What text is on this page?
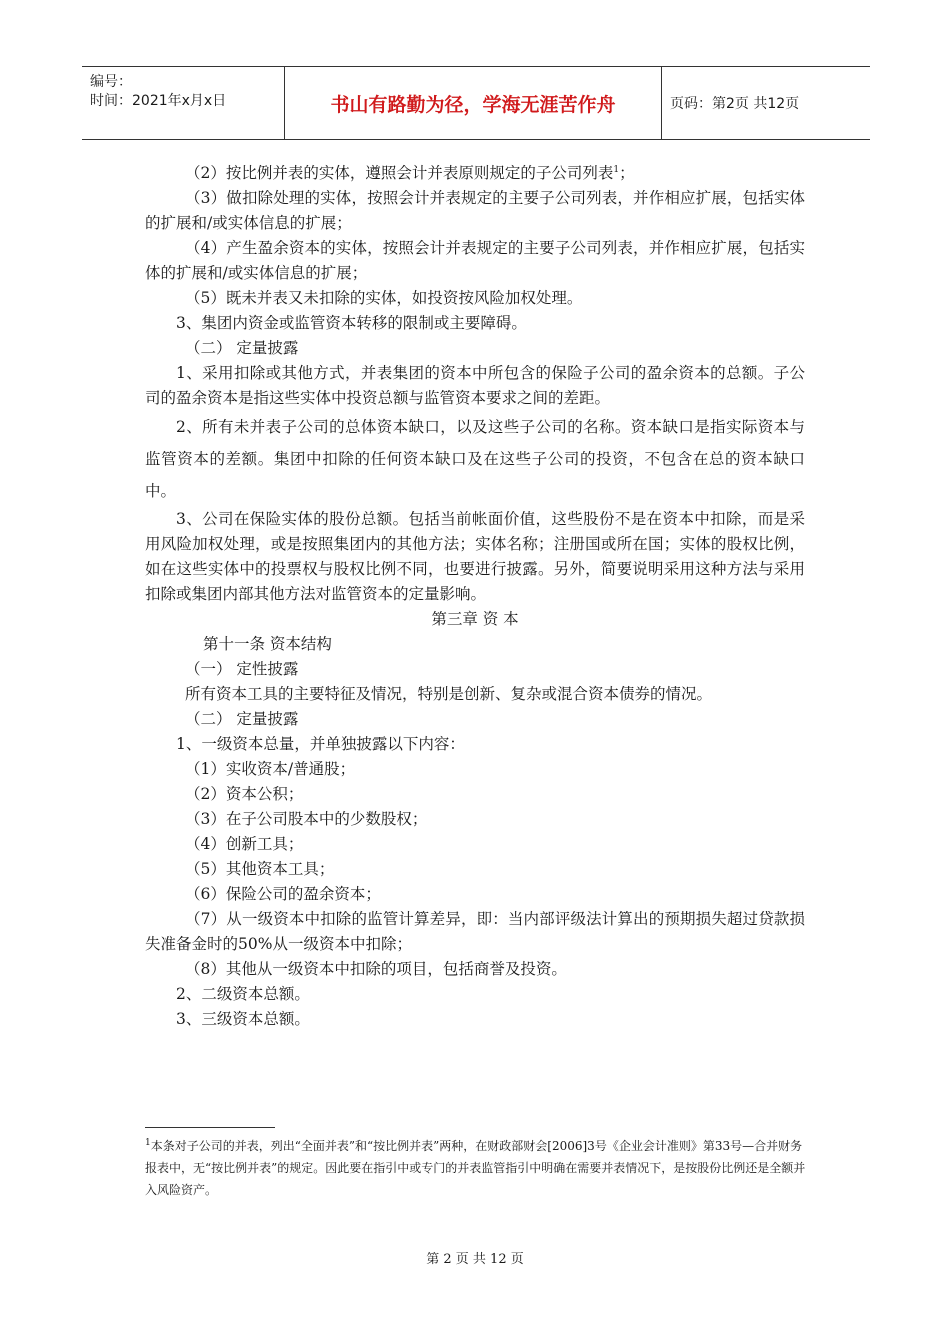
编号：
时间：2021年x月x日	书山有路勤为径，学海无涯苦作舟	页码：第2页 共12页

（2）按比例并表的实体，遵照会计并表原则规定的子公司列表$^1$；

（3）做扣除处理的实体，按照会计并表规定的主要子公司列表，并作相应扩展，包括实体的扩展和/或实体信息的扩展；

（4）产生盈余资本的实体，按照会计并表规定的主要子公司列表，并作相应扩展，包括实体的扩展和/或实体信息的扩展；

（5）既未并表又未扣除的实体，如投资按风险加权处理。

3、集团内资金或监管资本转移的限制或主要障碍。

（二） 定量披露

1、采用扣除或其他方式，并表集团的资本中所包含的保险子公司的盈余资本的总额。子公司的盈余资本是指这些实体中投资总额与监管资本要求之间的差距。

2、所有未并表子公司的总体资本缺口，以及这些子公司的名称。资本缺口是指实际资本与监管资本的差额。集团中扣除的任何资本缺口及在这些子公司的投资，不包含在总的资本缺口中。

3、公司在保险实体的股份总额。包括当前帐面价值，这些股份不是在资本中扣除，而是采用风险加权处理，或是按照集团内的其他方法；实体名称；注册国或所在国；实体的股权比例，如在这些实体中的投票权与股权比例不同，也要进行披露。另外，简要说明采用这种方法与采用扣除或集团内部其他方法对监管资本的定量影响。

第三章 资 本

第十一条 资本结构

（一） 定性披露

所有资本工具的主要特征及情况，特别是创新、复杂或混合资本债券的情况。

（二） 定量披露

1、一级资本总量，并单独披露以下内容：

（1）实收资本/普通股；

（2）资本公积；

（3）在子公司股本中的少数股权；

（4）创新工具；

（5）其他资本工具；

（6）保险公司的盈余资本；

（7）从一级资本中扣除的监管计算差异，即：当内部评级法计算出的预期损失超过贷款损失准备金时的50%从一级资本中扣除；

（8）其他从一级资本中扣除的项目，包括商誉及投资。

2、二级资本总额。

3、三级资本总额。

$^1$本条对子公司的并表，列出“全面并表”和“按比例并表”两种，在财政部财会[2006]3号《企业会计准则》第33号—合并财务报表中，无“按比例并表”的规定。因此要在指引中或专门的并表监管指引中明确在需要并表情况下，是按股份比例还是全额并入风险资产。
第 2 页 共 12 页
